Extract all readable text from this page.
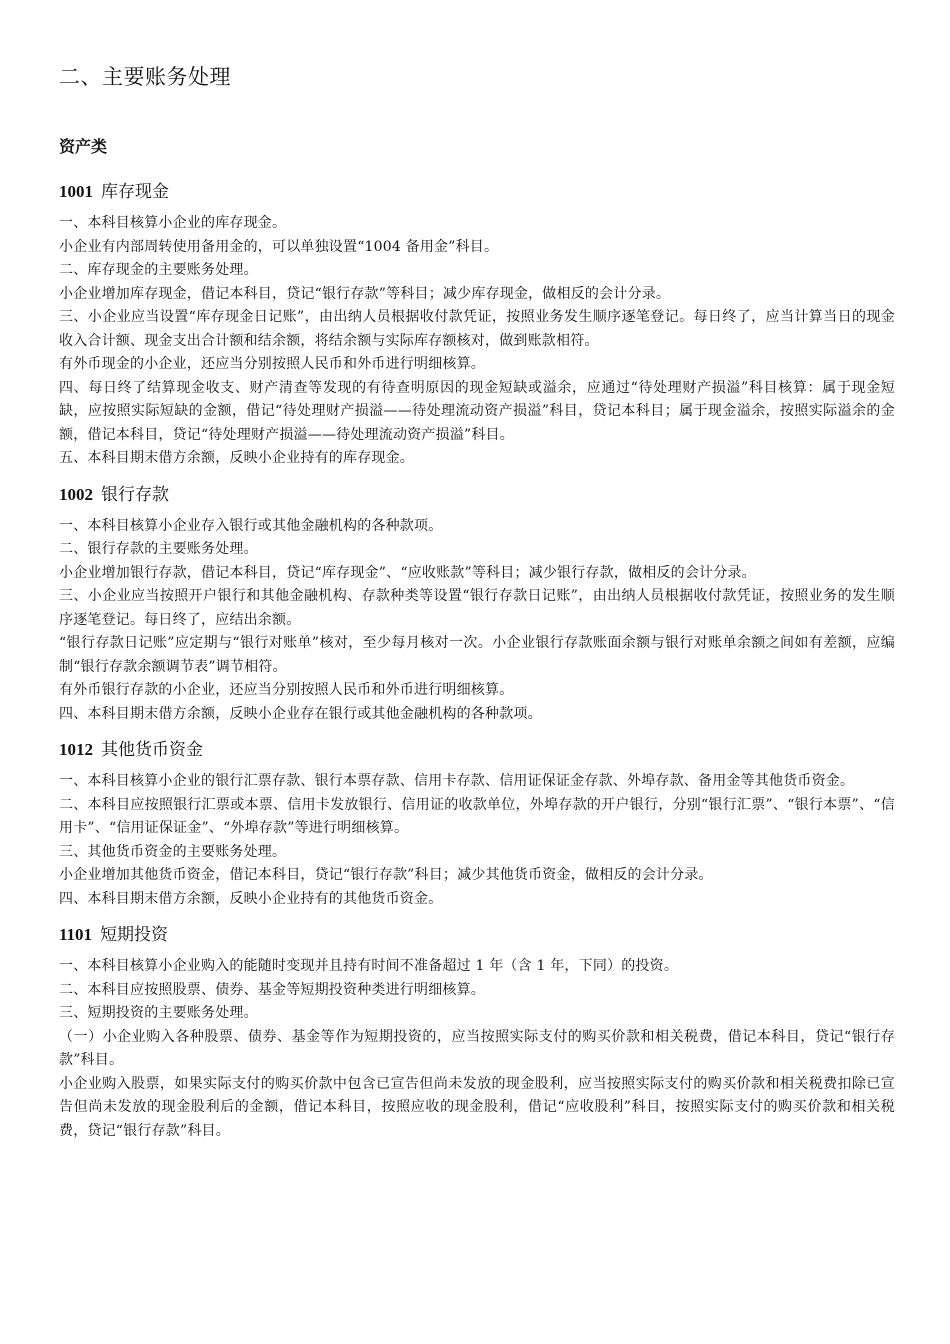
二、主要账务处理
资产类
1001 库存现金

一、本科目核算小企业的库存现金。

小企业有内部周转使用备用金的，可以单独设置“1004 备用金”科目。

二、库存现金的主要账务处理。

小企业增加库存现金，借记本科目，贷记“银行存款”等科目；减少库存现金，做相反的会计分录。

三、小企业应当设置“库存现金日记账”，由出纳人员根据收付款凭证，按照业务发生顺序逐笔登记。每日终了，应当计算当日的现金收入合计额、现金支出合计额和结余额，将结余额与实际库存额核对，做到账款相符。

有外币现金的小企业，还应当分别按照人民币和外币进行明细核算。

四、每日终了结算现金收支、财产清查等发现的有待查明原因的现金短缺或溢余，应通过“待处理财产损溢”科目核算：属于现金短缺，应按照实际短缺的金额，借记“待处理财产损溢——待处理流动资产损溢”科目，贷记本科目；属于现金溢余，按照实际溢余的金额，借记本科目，贷记“待处理财产损溢——待处理流动资产损溢”科目。

五、本科目期末借方余额，反映小企业持有的库存现金。

1002 银行存款

一、本科目核算小企业存入银行或其他金融机构的各种款项。

二、银行存款的主要账务处理。

小企业增加银行存款，借记本科目，贷记“库存现金”、“应收账款”等科目；减少银行存款，做相反的会计分录。

三、小企业应当按照开户银行和其他金融机构、存款种类等设置“银行存款日记账”，由出纳人员根据收付款凭证，按照业务的发生顺序逐笔登记。每日终了，应结出余额。

“银行存款日记账”应定期与“银行对账单”核对，至少每月核对一次。小企业银行存款账面余额与银行对账单余额之间如有差额，应编制“银行存款余额调节表”调节相符。

有外币银行存款的小企业，还应当分别按照人民币和外币进行明细核算。

四、本科目期末借方余额，反映小企业存在银行或其他金融机构的各种款项。

1012 其他货币资金

一、本科目核算小企业的银行汇票存款、银行本票存款、信用卡存款、信用证保证金存款、外埠存款、备用金等其他货币资金。

二、本科目应按照银行汇票或本票、信用卡发放银行、信用证的收款单位，外埠存款的开户银行，分别“银行汇票”、“银行本票”、“信用卡”、“信用证保证金”、“外埠存款”等进行明细核算。

三、其他货币资金的主要账务处理。

小企业增加其他货币资金，借记本科目，贷记“银行存款”科目；减少其他货币资金，做相反的会计分录。

四、本科目期末借方余额，反映小企业持有的其他货币资金。

1101 短期投资

一、本科目核算小企业购入的能随时变现并且持有时间不准备超过 1 年（含 1 年，下同）的投资。

二、本科目应按照股票、债券、基金等短期投资种类进行明细核算。

三、短期投资的主要账务处理。

（一）小企业购入各种股票、债券、基金等作为短期投资的，应当按照实际支付的购买价款和相关税费，借记本科目，贷记“银行存款”科目。

小企业购入股票，如果实际支付的购买价款中包含已宣告但尚未发放的现金股利，应当按照实际支付的购买价款和相关税费扣除已宣告但尚未发放的现金股利后的金额，借记本科目，按照应收的现金股利，借记“应收股利”科目，按照实际支付的购买价款和相关税费，贷记“银行存款”科目。
